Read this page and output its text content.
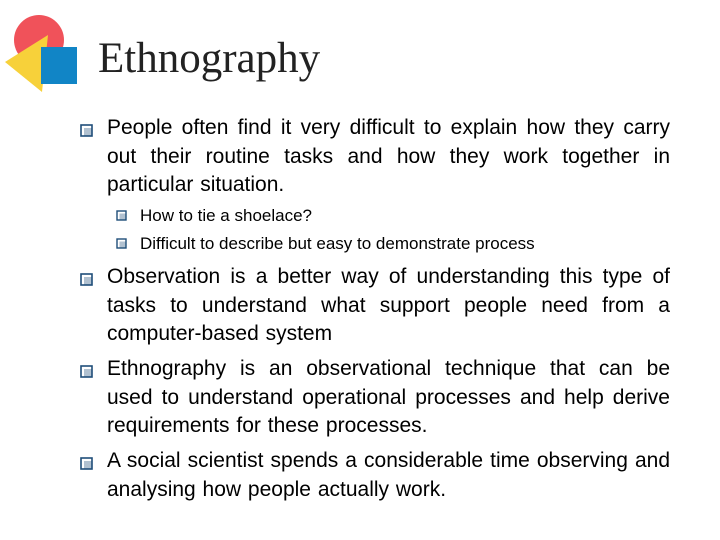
Ethnography
People often find it very difficult to explain how they carry out their routine tasks and how they work together in particular situation.
How to tie a shoelace?
Difficult to describe but easy to demonstrate process
Observation is a better way of understanding this type of tasks to understand what support people need from a computer-based system
Ethnography is an observational technique that can be used to understand operational processes and help derive requirements for these processes.
A social scientist spends a considerable time observing and analysing how people actually work.
